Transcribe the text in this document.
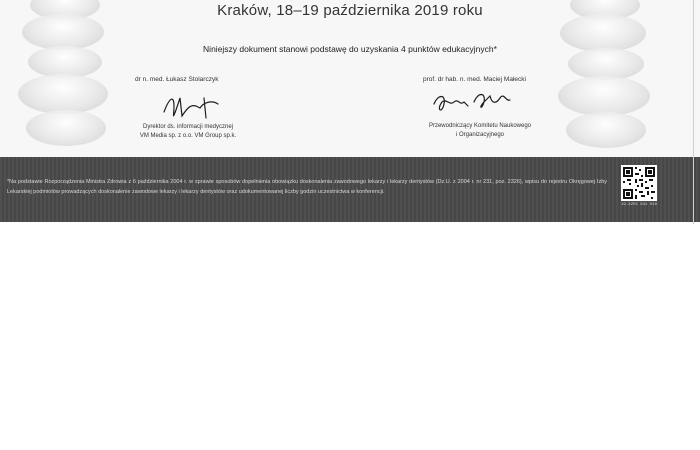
Kraków, 18–19 października 2019 roku
Niniejszy dokument stanowi podstawę do uzyskania 4 punktów edukacyjnych*
dr n. med. Łukasz Stolarczyk
Dyrektor ds. informacji medycznej
VM Media sp. z o.o. VM Group sp.k.
prof. dr hab. n. med. Maciej Małecki
Przewodniczący Komitetu Naukowego
i Organizacyjnego
*Na podstawie Rozporządzenia Ministra Zdrowia z 6 października 2004 r. w sprawie sposobów dopełnienia obowiązku doskonalenia zawodowego lekarzy i lekarzy dentystów (Dz.U. z 2004 r. nr 231, poz. 2326), wpisu do rejestru Okręgowej Izby Lekarskiej podmiotów prowadzących doskonalenie zawodowe lekarzy i lekarzy dentystów oraz udokumentowanej liczby godzin uczestnictwa w konferencji.
19-3255 831 016
